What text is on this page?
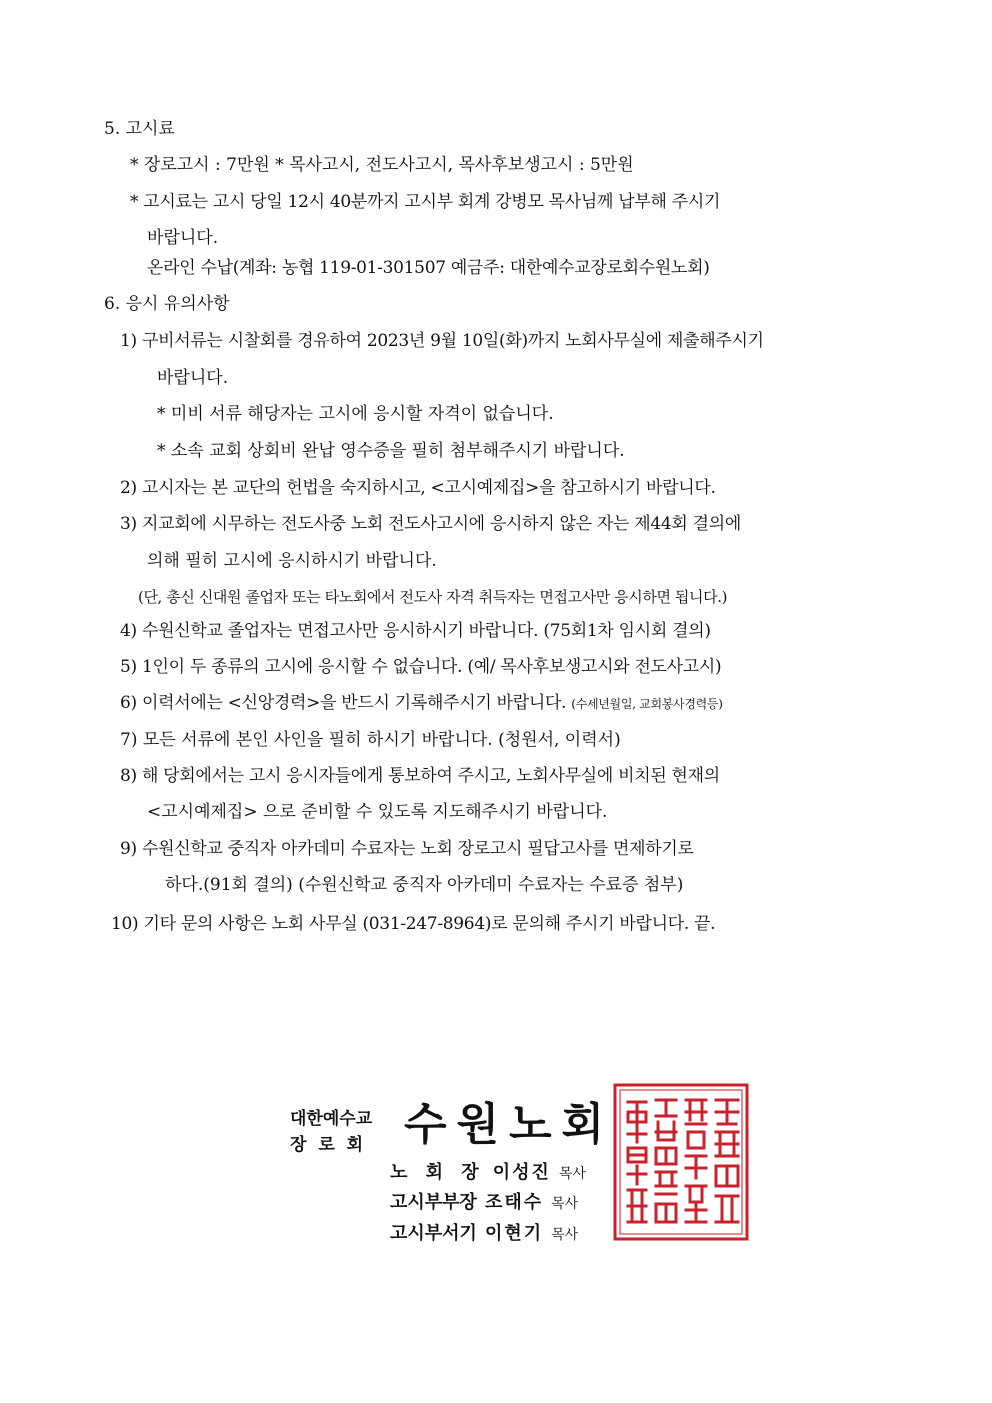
5. 고시료
* 장로고시 : 7만원 * 목사고시, 전도사고시, 목사후보생고시 : 5만원
* 고시료는 고시 당일 12시 40분까지 고시부 회계 강병모 목사님께 납부해 주시기
바랍니다.
온라인 수납(계좌: 농협 119-01-301507 예금주: 대한예수교장로회수원노회)
6. 응시 유의사항
1) 구비서류는 시찰회를 경유하여 2023년 9월 10일(화)까지 노회사무실에 제출해주시기
바랍니다.
* 미비 서류 해당자는 고시에 응시할 자격이 없습니다.
* 소속 교회 상회비 완납 영수증을 필히 첨부해주시기 바랍니다.
2) 고시자는 본 교단의 헌법을 숙지하시고, <고시예제집>을 참고하시기 바랍니다.
3) 지교회에 시무하는 전도사중 노회 전도사고시에 응시하지 않은 자는 제44회 결의에
의해 필히 고시에 응시하시기 바랍니다.
(단, 총신 신대원 졸업자 또는 타노회에서 전도사 자격 취득자는 면접고사만 응시하면 됩니다.)
4) 수원신학교 졸업자는 면접고사만 응시하시기 바랍니다. (75회1차 임시회 결의)
5) 1인이 두 종류의 고시에 응시할 수 없습니다. (예/ 목사후보생고시와 전도사고시)
6) 이력서에는 <신앙경력>을 반드시 기록해주시기 바랍니다. (수세년월일, 교회봉사경력등)
7) 모든 서류에 본인 사인을 필히 하시기 바랍니다. (청원서, 이력서)
8) 해 당회에서는 고시 응시자들에게 통보하여 주시고, 노회사무실에 비치된 현재의
<고시예제집> 으로 준비할 수 있도록 지도해주시기 바랍니다.
9) 수원신학교 중직자 아카데미 수료자는 노회 장로고시 필답고사를 면제하기로
하다.(91회 결의) (수원신학교 중직자 아카데미 수료자는 수료증 첨부)
10) 기타 문의 사항은 노회 사무실 (031-247-8964)로 문의해 주시기 바랍니다. 끝.
대한예수교
장 로 회 수원노회
노 회 장 이성진 목사
고시부부장 조태수 목사
고시부서기 이현기 목사
